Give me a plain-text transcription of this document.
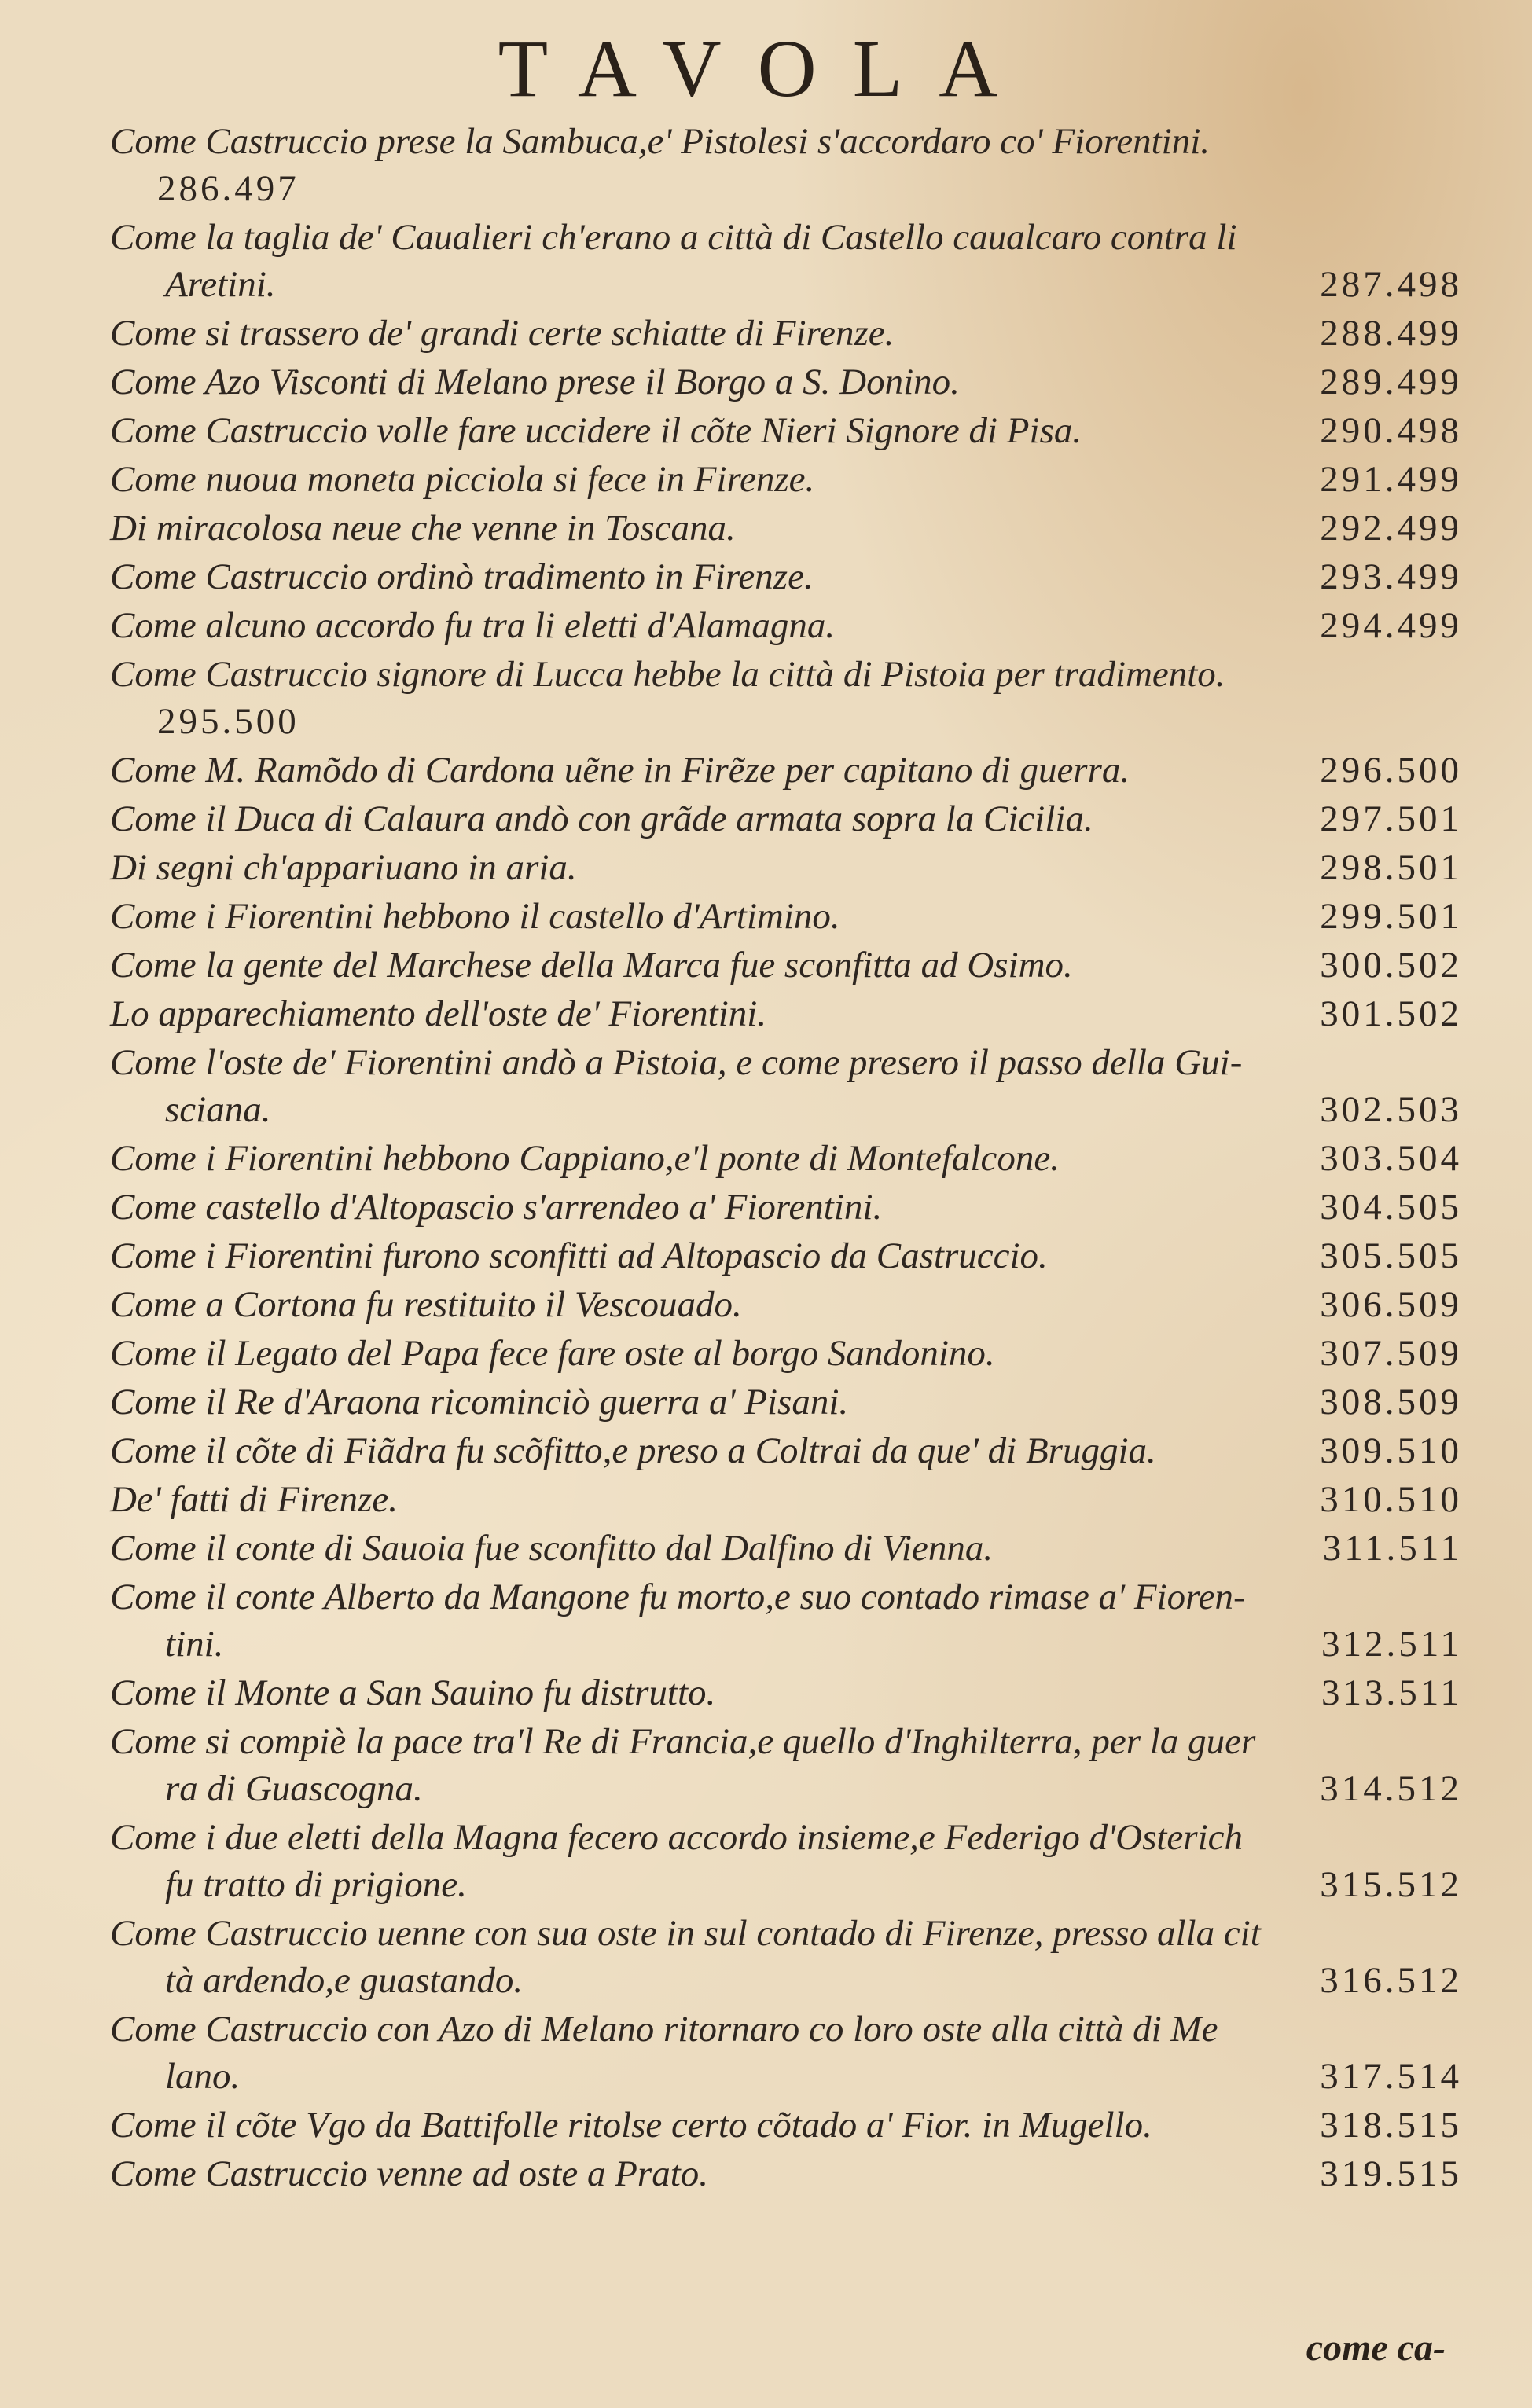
TAVOLA
Come Castruccio prese la Sambuca,e' Pistolesi s'accordaro co' Fiorentini.
286.497
Come la taglia de' Caualieri ch'erano a città di Castello caualcaro contra li
Aretini.	287.498
Come si trassero de' grandi certe schiatte di Firenze.	288.499
Come Azo Visconti di Melano prese il Borgo a S. Donino.	289.499
Come Castruccio volle fare uccidere il cõte Nieri Signore di Pisa.	290.498
Come nuoua moneta picciola si fece in Firenze.	291.499
Di miracolosa neue che venne in Toscana.	292.499
Come Castruccio ordinò tradimento in Firenze.	293.499
Come alcuno accordo fu tra li eletti d'Alamagna.	294.499
Come Castruccio signore di Lucca hebbe la città di Pistoia per tradimento.
295.500
Come M. Ramõdo di Cardona uẽne in Firẽze per capitano di guerra.	296.500
Come il Duca di Calaura andò con grãde armata sopra la Cicilia.	297.501
Di segni ch'appariuano in aria.	298.501
Come i Fiorentini hebbono il castello d'Artimino.	299.501
Come la gente del Marchese della Marca fue sconfitta ad Osimo.	300.502
Lo apparechiamento dell'oste de' Fiorentini.	301.502
Come l'oste de' Fiorentini andò a Pistoia, e come presero il passo della Gui-
sciana.	302.503
Come i Fiorentini hebbono Cappiano,e'l ponte di Montefalcone.	303.504
Come castello d'Altopascio s'arrendeo a' Fiorentini.	304.505
Come i Fiorentini furono sconfitti ad Altopascio da Castruccio.	305.505
Come a Cortona fu restituito il Vescouado.	306.509
Come il Legato del Papa fece fare oste al borgo Sandonino.	307.509
Come il Re d'Araona ricominciò guerra a' Pisani.	308.509
Come il cõte di Fiãdra fu scõfitto,e preso a Coltrai da que' di Bruggia.	309.510
De' fatti di Firenze.	310.510
Come il conte di Sauoia fue sconfitto dal Dalfino di Vienna.	311.511
Come il conte Alberto da Mangone fu morto,e suo contado rimase a' Fioren-
tini.	312.511
Come il Monte a San Sauino fu distrutto.	313.511
Come si compiè la pace tra'l Re di Francia,e quello d'Inghilterra, per la guer
ra di Guascogna.	314.512
Come i due eletti della Magna fecero accordo insieme,e Federigo d'Osterich
fu tratto di prigione.	315.512
Come Castruccio uenne con sua oste in sul contado di Firenze, presso alla cit
tà ardendo,e guastando.	316.512
Come Castruccio con Azo di Melano ritornaro co loro oste alla città di Me
lano.	317.514
Come il cõte Vgo da Battifolle ritolse certo cõtado a' Fior. in Mugello.	318.515
Come Castruccio venne ad oste a Prato.	319.515
come ca-
